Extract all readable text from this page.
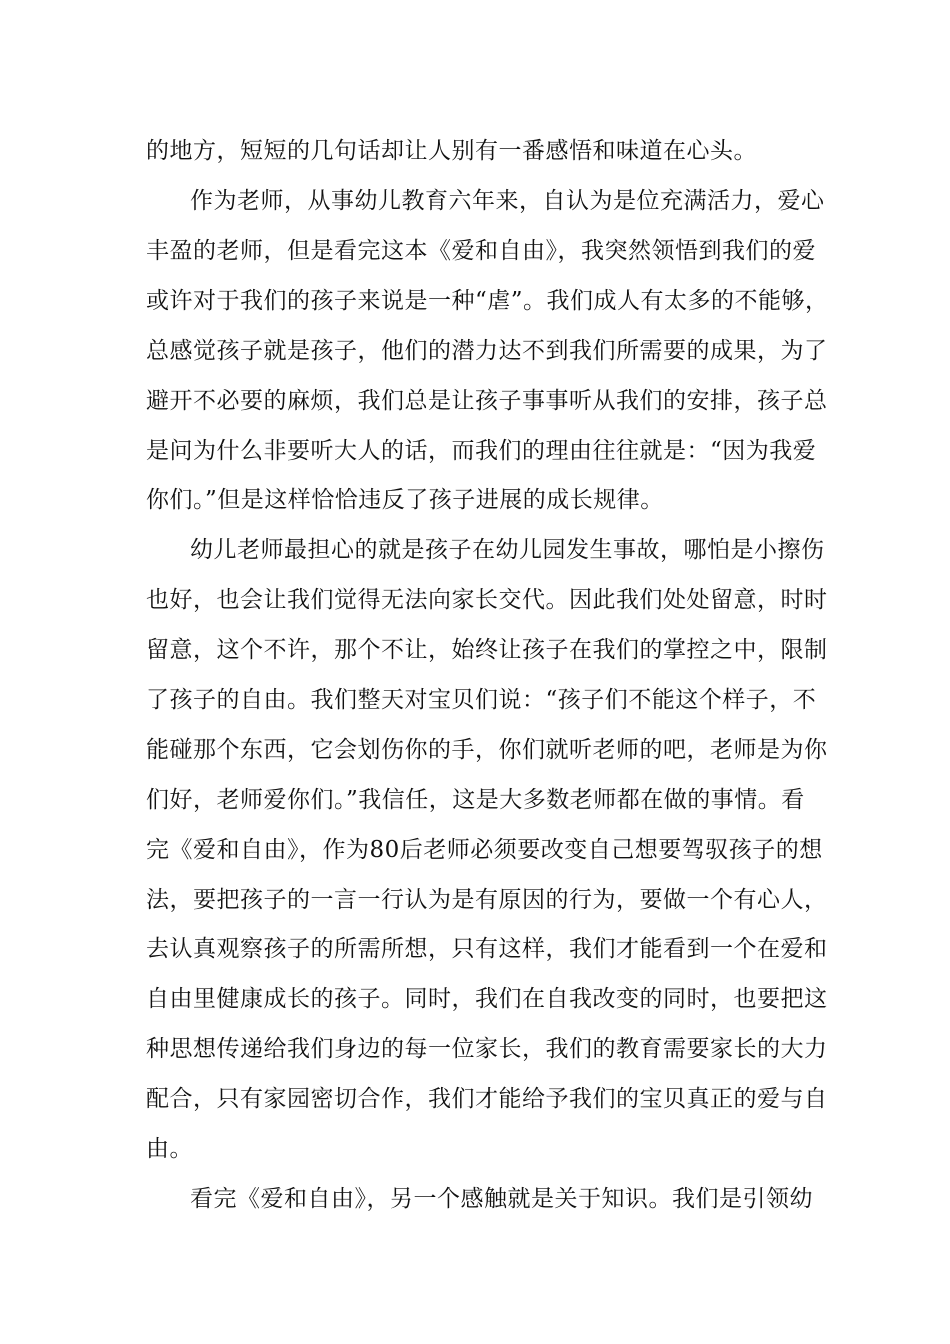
的地方，短短的几句话却让人别有一番感悟和味道在心头。
作为老师，从事幼儿教育六年来，自认为是位充满活力，爱心
丰盈的老师，但是看完这本《爱和自由》，我突然领悟到我们的爱
或许对于我们的孩子来说是一种“虐”。我们成人有太多的不能够，
总感觉孩子就是孩子，他们的潜力达不到我们所需要的成果，为了
避开不必要的麻烦，我们总是让孩子事事听从我们的安排，孩子总
是问为什么非要听大人的话，而我们的理由往往就是：“因为我爱
你们。”但是这样恰恰违反了孩子进展的成长规律。
幼儿老师最担心的就是孩子在幼儿园发生事故，哪怕是小擦伤
也好，也会让我们觉得无法向家长交代。因此我们处处留意，时时
留意，这个不许，那个不让，始终让孩子在我们的掌控之中，限制
了孩子的自由。我们整天对宝贝们说：“孩子们不能这个样子，不
能碰那个东西，它会划伤你的手，你们就听老师的吧，老师是为你
们好，老师爱你们。”我信任，这是大多数老师都在做的事情。看
完《爱和自由》，作为80后老师必须要改变自己想要驾驭孩子的想
法，要把孩子的一言一行认为是有原因的行为，要做一个有心人，
去认真观察孩子的所需所想，只有这样，我们才能看到一个在爱和
自由里健康成长的孩子。同时，我们在自我改变的同时，也要把这
种思想传递给我们身边的每一位家长，我们的教育需要家长的大力
配合，只有家园密切合作，我们才能给予我们的宝贝真正的爱与自
由。
看完《爱和自由》，另一个感触就是关于知识。我们是引领幼
